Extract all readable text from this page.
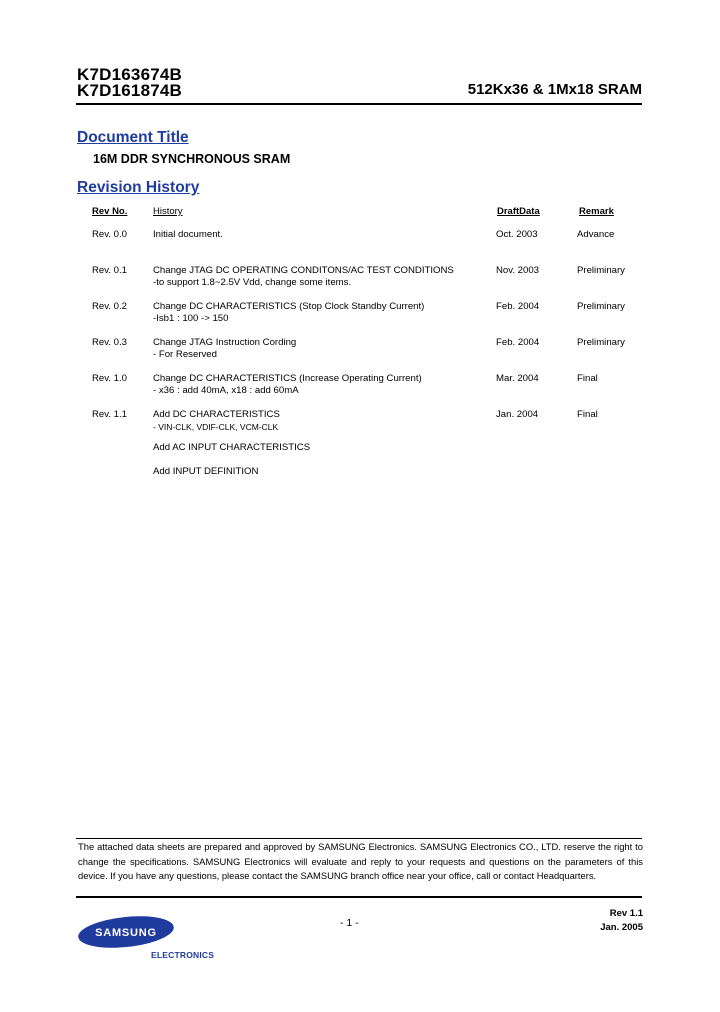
K7D163674B
K7D161874B	512Kx36 & 1Mx18 SRAM
Document Title
16M DDR SYNCHRONOUS SRAM
Revision History
Rev No.	History	DraftData	Remark
Rev. 0.0	Initial document.	Oct. 2003	Advance
Rev. 0.1	Change JTAG DC OPERATING CONDITONS/AC TEST CONDITIONS
-to support 1.8~2.5V Vdd, change some items.
Nov. 2003	Preliminary
Rev. 0.2	Change DC CHARACTERISTICS (Stop Clock Standby Current)
-Isb1 : 100 -> 150
Feb. 2004	Preliminary
Rev. 0.3	Change JTAG Instruction Cording
- For Reserved
Feb. 2004	Preliminary
Rev. 1.0	Change DC CHARACTERISTICS (Increase Operating Current)
- x36 : add 40mA, x18 : add 60mA
Mar. 2004	Final
Rev. 1.1	Add DC CHARACTERISTICS
- VIN-CLK, VDIF-CLK, VCM-CLK
Add AC INPUT CHARACTERISTICS
Add INPUT DEFINITION
Jan. 2004	Final
The attached data sheets are prepared and approved by SAMSUNG Electronics. SAMSUNG Electronics CO., LTD. reserve the right to change the specifications. SAMSUNG Electronics will evaluate and reply to your requests and questions on the parameters of this device. If you have any questions, please contact the SAMSUNG branch office near your office, call or contact Headquarters.
SAMSUNG
ELECTRONICS
- 1 -
Rev 1.1
Jan. 2005
